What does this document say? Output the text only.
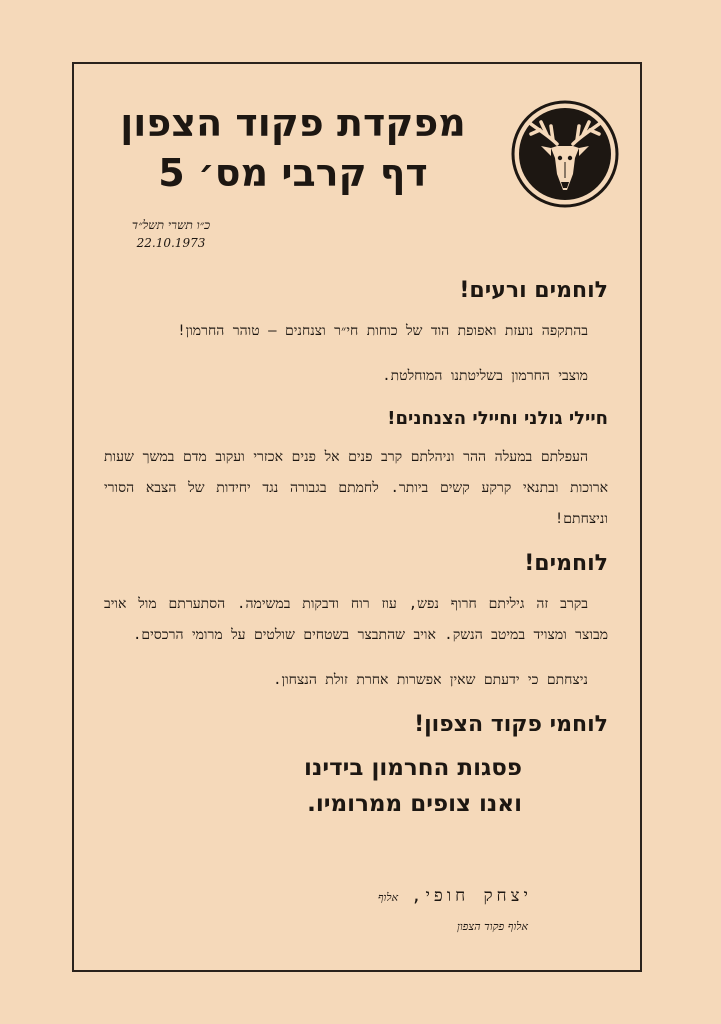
מפקדת פקוד הצפון
דף קרבי מס׳ 5
כ״ו תשרי תשל״ד
22.10.1973
לוחמים ורעים!

בהתקפה נועזת ואפופת הוד של כוחות חי״ר וצנחנים — טוהר החרמון!

מוצבי החרמון בשליטתנו המוחלטת.

חיילי גולני וחיילי הצנחנים!

העפלתם במעלה ההר וניהלתם קרב פנים אל פנים אכזרי ועקוב מדם במשך שעות ארוכות ובתנאי קרקע קשים ביותר. לחמתם בגבורה נגד יחידות של הצבא הסורי וניצחתם!

לוחמים!

בקרב זה גיליתם חרוף נפש, עוז רוח ודבקות במשימה. הסתערתם מול אויב מבוצר ומצויד במיטב הנשק. אויב שהתבצר בשטחים שולטים על מרומי הרכסים.

ניצחתם כי ידעתם שאין אפשרות אחרת זולת הנצחון.

לוחמי פקוד הצפון!
פסגות החרמון בידינו
ואנו צופים ממרומיו.
יצחק חופי, אלוף
אלוף פקוד הצפון
